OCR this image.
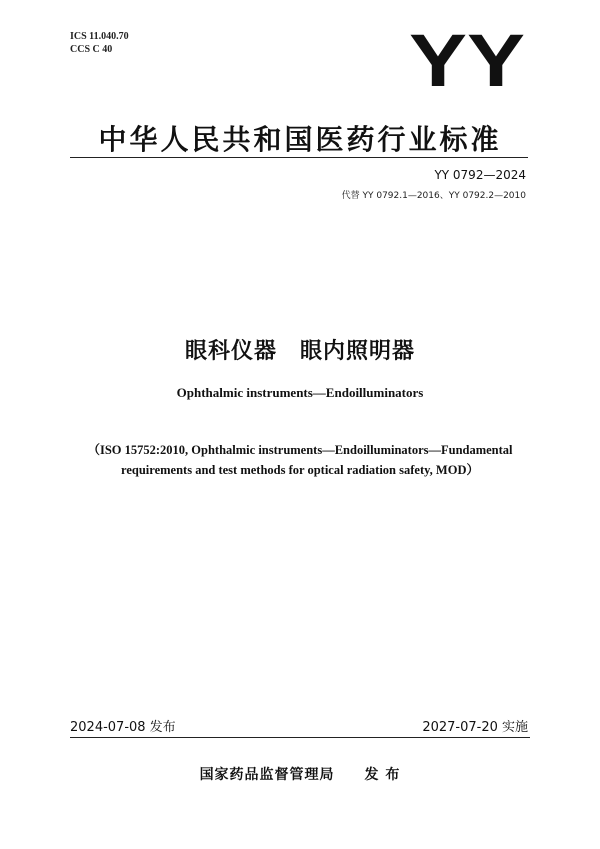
ICS 11.040.70
CCS C 40	YY
中华人民共和国医药行业标准
YY 0792—2024
代替 YY 0792.1—2016、YY 0792.2—2010
眼科仪器　眼内照明器
Ophthalmic instruments—Endoilluminators
（ISO 15752:2010, Ophthalmic instruments—Endoilluminators—Fundamental
requirements and test methods for optical radiation safety, MOD）
2024-07-08 发布	2027-07-20 实施
国家药品监督管理局　　发 布
